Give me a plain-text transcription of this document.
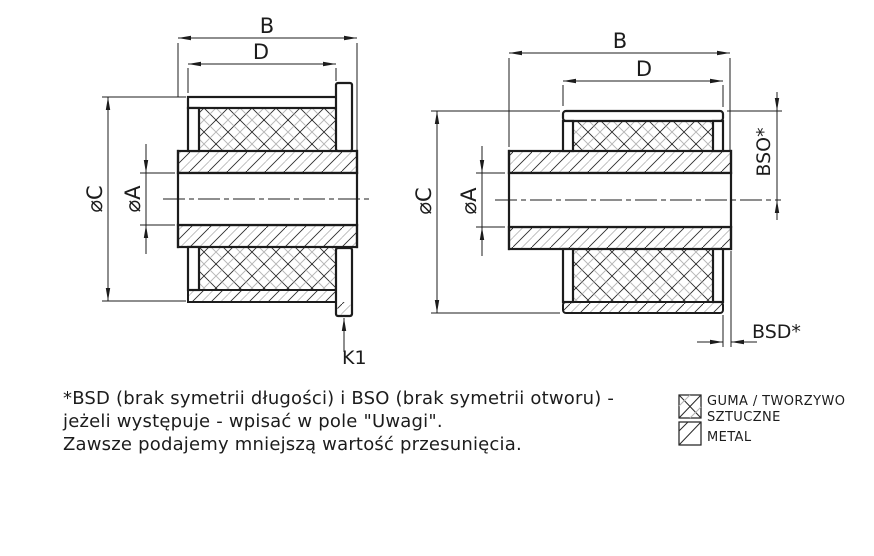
B
D
⌀C ⌀A
K1
B
D
⌀C ⌀A
BSO*
BSD*
*BSD (brak symetrii długości) i BSO (brak symetrii otworu) -
jeżeli występuje - wpisać w pole "Uwagi".
Zawsze podajemy mniejszą wartość przesunięcia.
GUMA / TWORZYWO
SZTUCZNE
METAL
